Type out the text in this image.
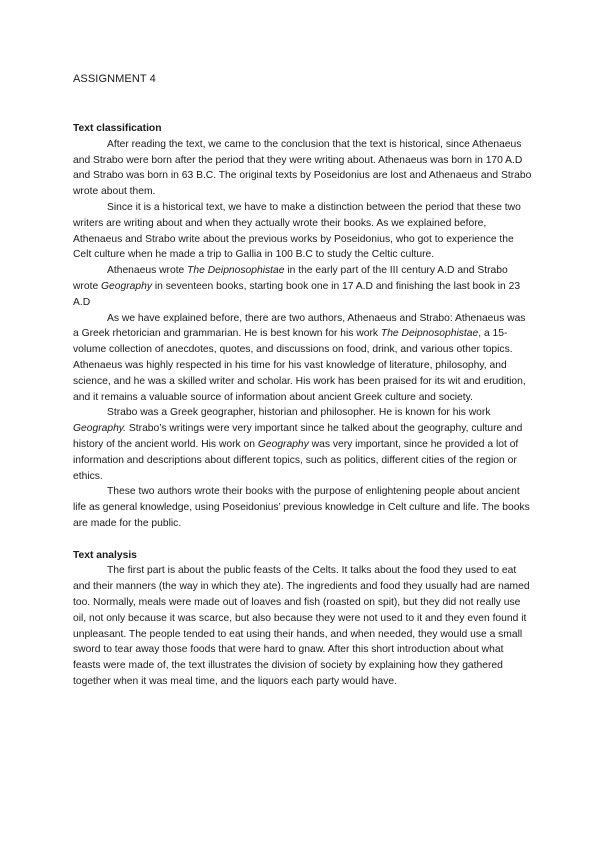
ASSIGNMENT 4

Text classification

After reading the text, we came to the conclusion that the text is historical, since Athenaeus and Strabo were born after the period that they were writing about. Athenaeus was born in 170 A.D and Strabo was born in 63 B.C. The original texts by Poseidonius are lost and Athenaeus and Strabo wrote about them.

Since it is a historical text, we have to make a distinction between the period that these two writers are writing about and when they actually wrote their books. As we explained before, Athenaeus and Strabo write about the previous works by Poseidonius, who got to experience the Celt culture when he made a trip to Gallia in 100 B.C to study the Celtic culture.

Athenaeus wrote The Deipnosophistae in the early part of the III century A.D and Strabo wrote Geography in seventeen books, starting book one in 17 A.D and finishing the last book in 23 A.D

As we have explained before, there are two authors, Athenaeus and Strabo: Athenaeus was a Greek rhetorician and grammarian. He is best known for his work The Deipnosophistae, a 15-volume collection of anecdotes, quotes, and discussions on food, drink, and various other topics. Athenaeus was highly respected in his time for his vast knowledge of literature, philosophy, and science, and he was a skilled writer and scholar. His work has been praised for its wit and erudition, and it remains a valuable source of information about ancient Greek culture and society.

Strabo was a Greek geographer, historian and philosopher. He is known for his work Geography. Strabo’s writings were very important since he talked about the geography, culture and history of the ancient world. His work on Geography was very important, since he provided a lot of information and descriptions about different topics, such as politics, different cities of the region or ethics.

These two authors wrote their books with the purpose of enlightening people about ancient life as general knowledge, using Poseidonius’ previous knowledge in Celt culture and life. The books are made for the public.

Text analysis

The first part is about the public feasts of the Celts. It talks about the food they used to eat and their manners (the way in which they ate). The ingredients and food they usually had are named too. Normally, meals were made out of loaves and fish (roasted on spit), but they did not really use oil, not only because it was scarce, but also because they were not used to it and they even found it unpleasant. The people tended to eat using their hands, and when needed, they would use a small sword to tear away those foods that were hard to gnaw. After this short introduction about what feasts were made of, the text illustrates the division of society by explaining how they gathered together when it was meal time, and the liquors each party would have.
